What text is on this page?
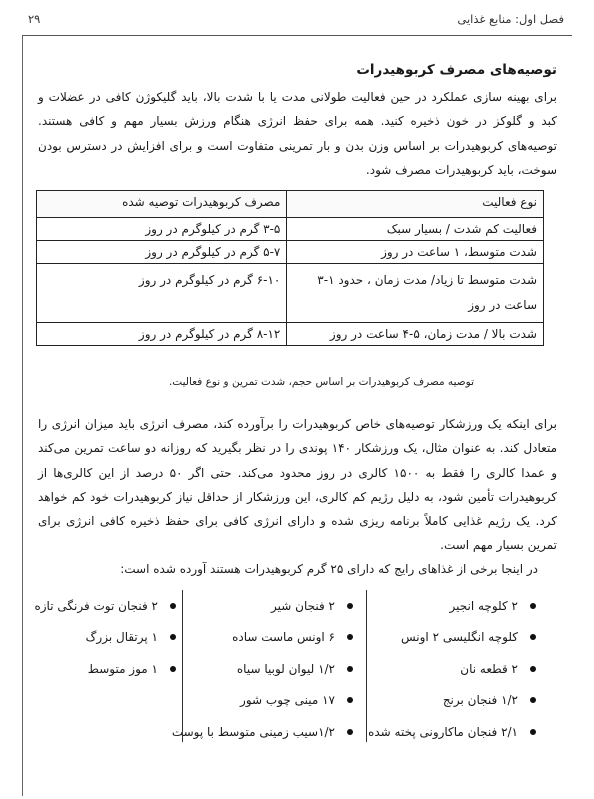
فصل اول: منابع غذایی
۲۹
توصیه‌های مصرف کربوهیدرات

برای بهینه سازی عملکرد در حین فعالیت طولانی مدت یا با شدت بالا، باید گلیکوژن کافی در عضلات و کبد و گلوکز در خون ذخیره کنید. همه برای حفظ انرژی هنگام ورزش بسیار مهم و کافی هستند. توصیه‌های کربوهیدرات بر اساس وزن بدن و بار تمرینی متفاوت است و برای افزایش در دسترس بودن سوخت، باید کربوهیدرات مصرف شود.

نوع فعالیت	مصرف کربوهیدرات توصیه شده
فعالیت کم شدت / بسیار سبک	۳-۵ گرم در کیلوگرم در روز
شدت متوسط، ۱ ساعت در روز	۵-۷ گرم در کیلوگرم در روز
شدت متوسط تا زیاد/ مدت زمان ، حدود ۱-۳ ساعت در روز	۶-۱۰ گرم در کیلوگرم در روز
شدت بالا / مدت زمان، ۵-۴ ساعت در روز	۸-۱۲ گرم در کیلوگرم در روز
توصیه مصرف کربوهیدرات بر اساس حجم، شدت تمرین و نوع فعالیت.

برای اینکه یک ورزشکار توصیه‌های خاص کربوهیدرات را برآورده کند، مصرف انرژی باید میزان انرژی را متعادل کند. به عنوان مثال، یک ورزشکار ۱۴۰ پوندی را در نظر بگیرید که روزانه دو ساعت تمرین می‌کند و عمدا کالری را فقط به ۱۵۰۰ کالری در روز محدود می‌کند. حتی اگر ۵۰ درصد از این کالری‌ها از کربوهیدرات تأمین شود، به دلیل رژیم کم کالری، این ورزشکار از حداقل نیاز کربوهیدرات خود کم خواهد کرد. یک رژیم غذایی کاملاً برنامه ریزی شده و دارای انرژی کافی برای حفظ ذخیره کافی انرژی برای تمرین بسیار مهم است.

در اینجا برخی از غذاهای رایج که دارای ۲۵ گرم کربوهیدرات هستند آورده شده است:
۲ کلوچه انجیر
کلوچه انگلیسی ۲ اونس
۲ قطعه نان
۱/۲ فنجان برنج
۲/۱ فنجان ماکارونی پخته شده
۲ فنجان شیر
۶ اونس ماست ساده
۱/۲ لیوان لوبیا سیاه
۱۷ مینی چوب شور
۱/۲سیب زمینی متوسط با پوست
۲ فنجان توت فرنگی تازه
۱ پرتقال بزرگ
۱ موز متوسط
